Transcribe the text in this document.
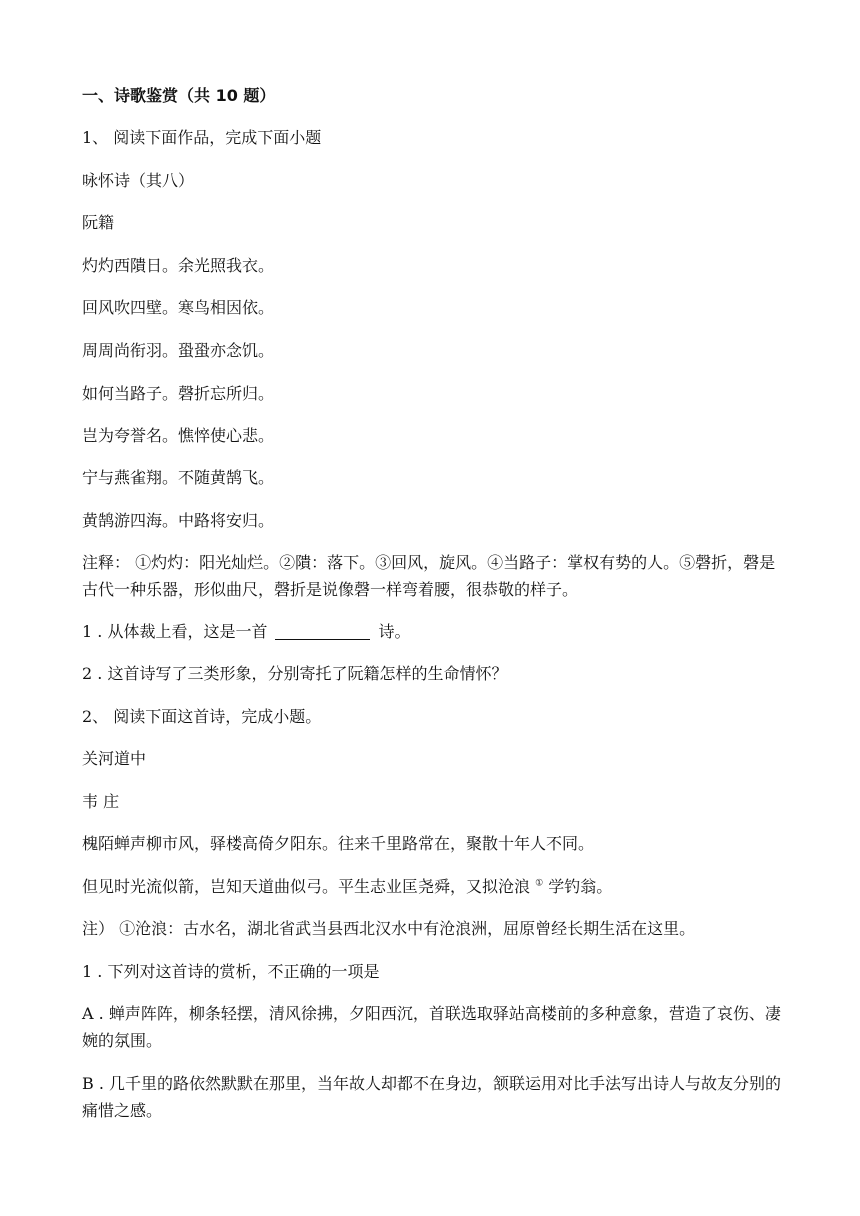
一、诗歌鉴赏（共 10 题）
1、 阅读下面作品，完成下面小题
咏怀诗（其八）
阮籍
灼灼西隤日。余光照我衣。
回风吹四壁。寒鸟相因依。
周周尚衔羽。蛩蛩亦念饥。
如何当路子。磬折忘所归。
岂为夸誉名。憔悴使心悲。
宁与燕雀翔。不随黄鹄飞。
黄鹄游四海。中路将安归。
注释： ①灼灼：阳光灿烂。②隤：落下。③回风，旋风。④当路子：掌权有势的人。⑤磬折，磬是古代一种乐器，形似曲尺，磬折是说像磬一样弯着腰，很恭敬的样子。
1 . 从体裁上看，这是一首	诗。
2 . 这首诗写了三类形象，分别寄托了阮籍怎样的生命情怀？
2、 阅读下面这首诗，完成小题。
关河道中
韦 庄
槐陌蝉声柳市风，驿楼高倚夕阳东。往来千里路常在，聚散十年人不同。
但见时光流似箭，岂知天道曲似弓。平生志业匡尧舜，又拟沧浪 ① 学钓翁。
注） ①沧浪：古水名，湖北省武当县西北汉水中有沧浪洲，屈原曾经长期生活在这里。
1 . 下列对这首诗的赏析，不正确的一项是
A . 蝉声阵阵，柳条轻摆，清风徐拂，夕阳西沉，首联选取驿站高楼前的多种意象，营造了哀伤、凄婉的氛围。
B . 几千里的路依然默默在那里，当年故人却都不在身边，颔联运用对比手法写出诗人与故友分别的痛惜之感。
